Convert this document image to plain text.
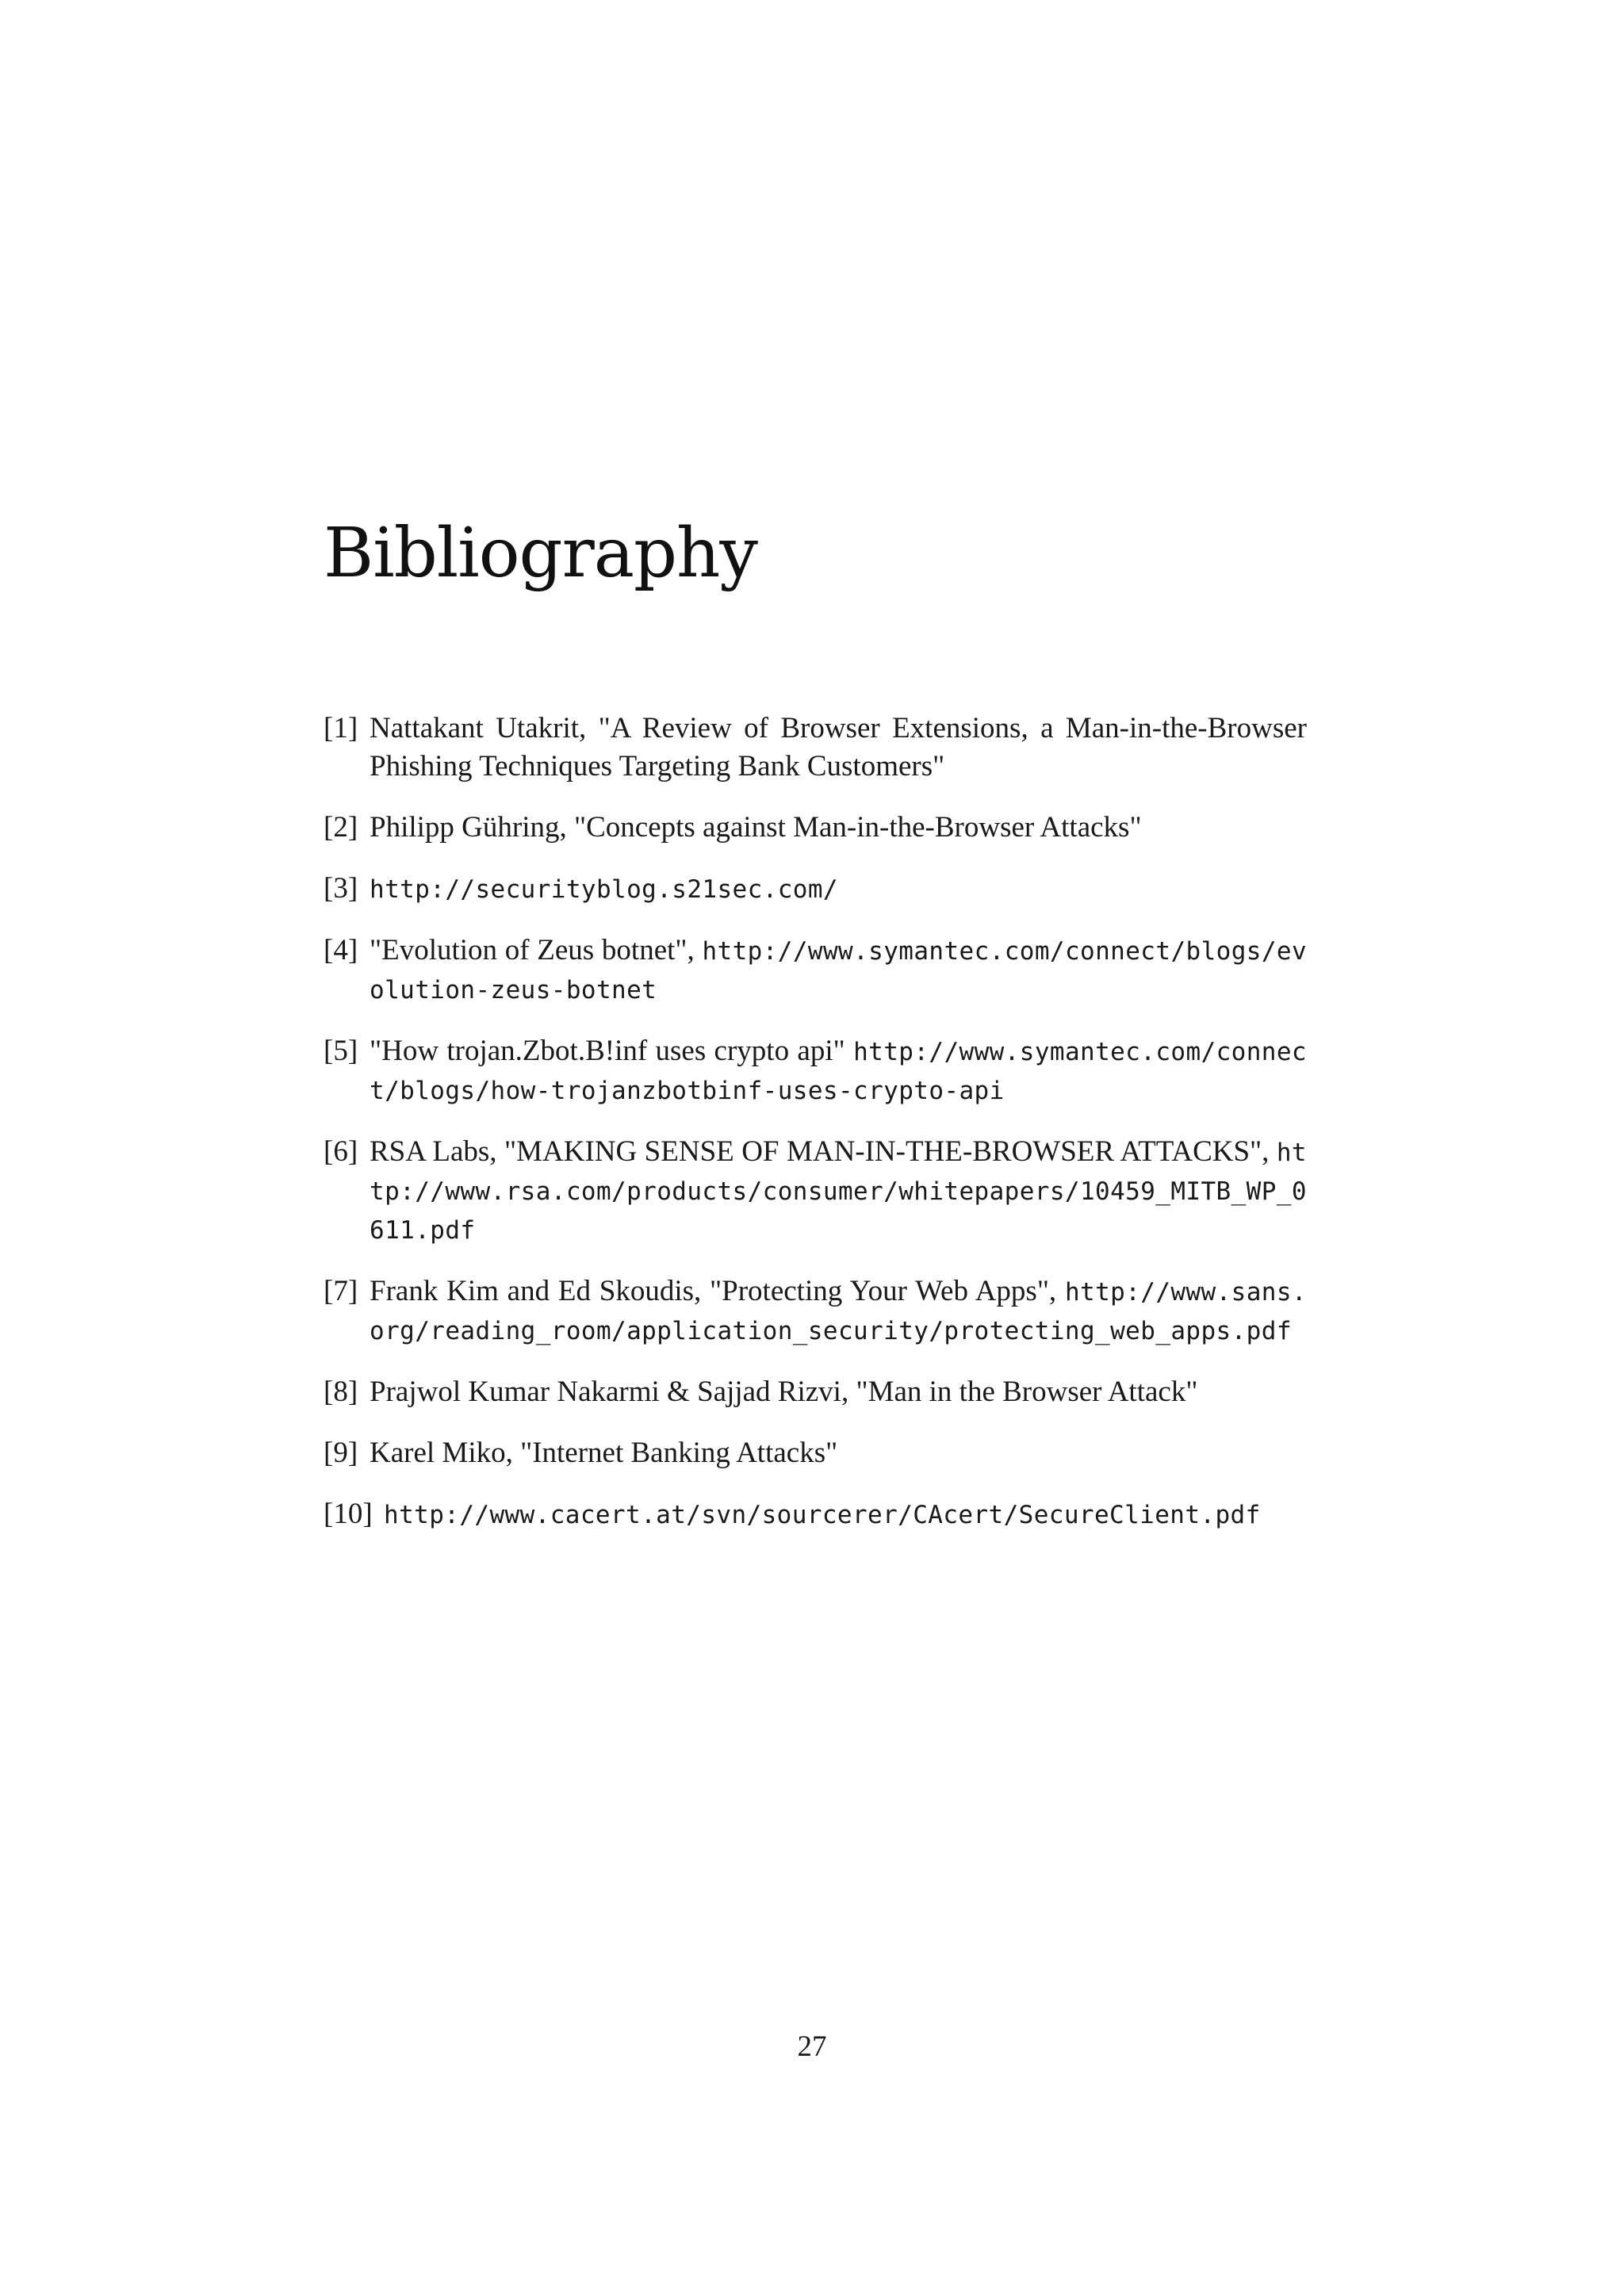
Bibliography
[1] Nattakant Utakrit, "A Review of Browser Extensions, a Man-in-the-Browser Phishing Techniques Targeting Bank Customers"
[2] Philipp Gühring, "Concepts against Man-in-the-Browser Attacks"
[3] http://securityblog.s21sec.com/
[4] "Evolution of Zeus botnet", http://www.symantec.com/connect/blogs/evolution-zeus-botnet
[5] "How trojan.Zbot.B!inf uses crypto api" http://www.symantec.com/connect/blogs/how-trojanzbotbinf-uses-crypto-api
[6] RSA Labs, "MAKING SENSE OF MAN-IN-THE-BROWSER ATTACKS", http://www.rsa.com/products/consumer/whitepapers/10459_MITB_WP_0611.pdf
[7] Frank Kim and Ed Skoudis, "Protecting Your Web Apps", http://www.sans.org/reading_room/application_security/protecting_web_apps.pdf
[8] Prajwol Kumar Nakarmi & Sajjad Rizvi, "Man in the Browser Attack"
[9] Karel Miko, "Internet Banking Attacks"
[10] http://www.cacert.at/svn/sourcerer/CAcert/SecureClient.pdf
27
